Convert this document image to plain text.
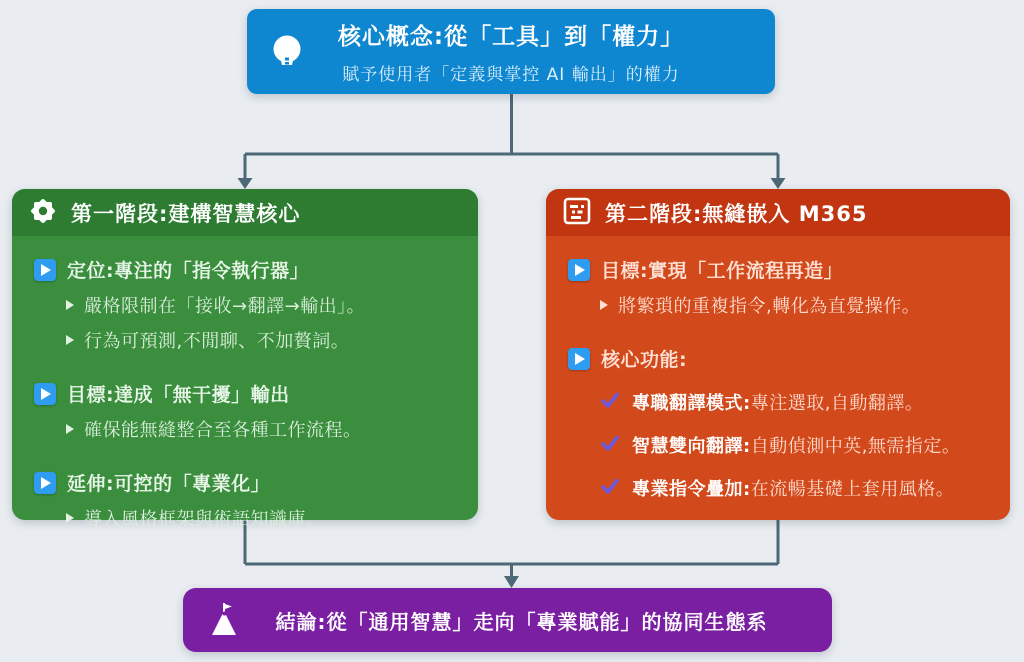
核心概念:從「工具」到「權力」
賦予使用者「定義與掌控 AI 輸出」的權力
第一階段:建構智慧核心
定位:專注的「指令執行器」
嚴格限制在「接收→翻譯→輸出」。
行為可預測,不閒聊、不加贅詞。
目標:達成「無干擾」輸出
確保能無縫整合至各種工作流程。
延伸:可控的「專業化」
導入風格框架與術語知識庫。
第二階段:無縫嵌入 M365
目標:實現「工作流程再造」
將繁瑣的重複指令,轉化為直覺操作。
核心功能:
專職翻譯模式:專注選取,自動翻譯。
智慧雙向翻譯:自動偵測中英,無需指定。
專業指令疊加:在流暢基礎上套用風格。
結論:從「通用智慧」走向「專業賦能」的協同生態系
